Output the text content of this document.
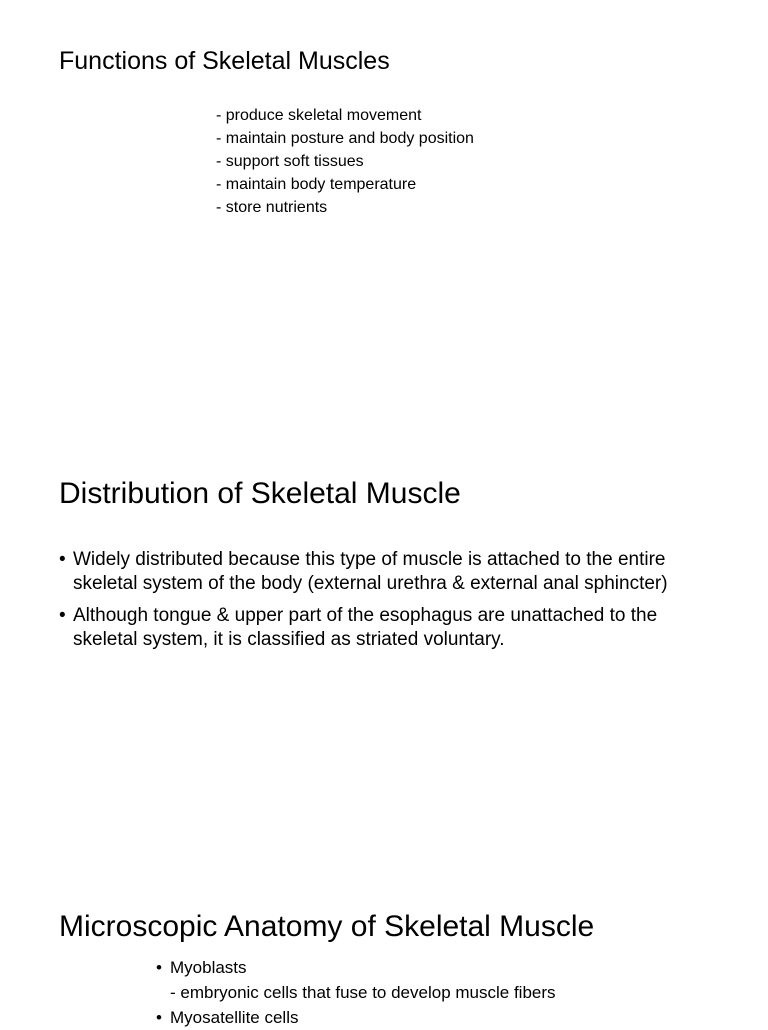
Functions of Skeletal Muscles
- produce skeletal movement
- maintain posture and body position
- support soft tissues
- maintain body temperature
- store nutrients
Distribution of Skeletal Muscle
• Widely distributed because this type of muscle is attached to the entire skeletal system of the body (external urethra & external anal sphincter)
• Although tongue & upper part of the esophagus are unattached to the skeletal system, it is classified as striated voluntary.
Microscopic Anatomy of Skeletal Muscle
• Myoblasts
- embryonic cells that fuse to develop muscle fibers
• Myosatellite cells
